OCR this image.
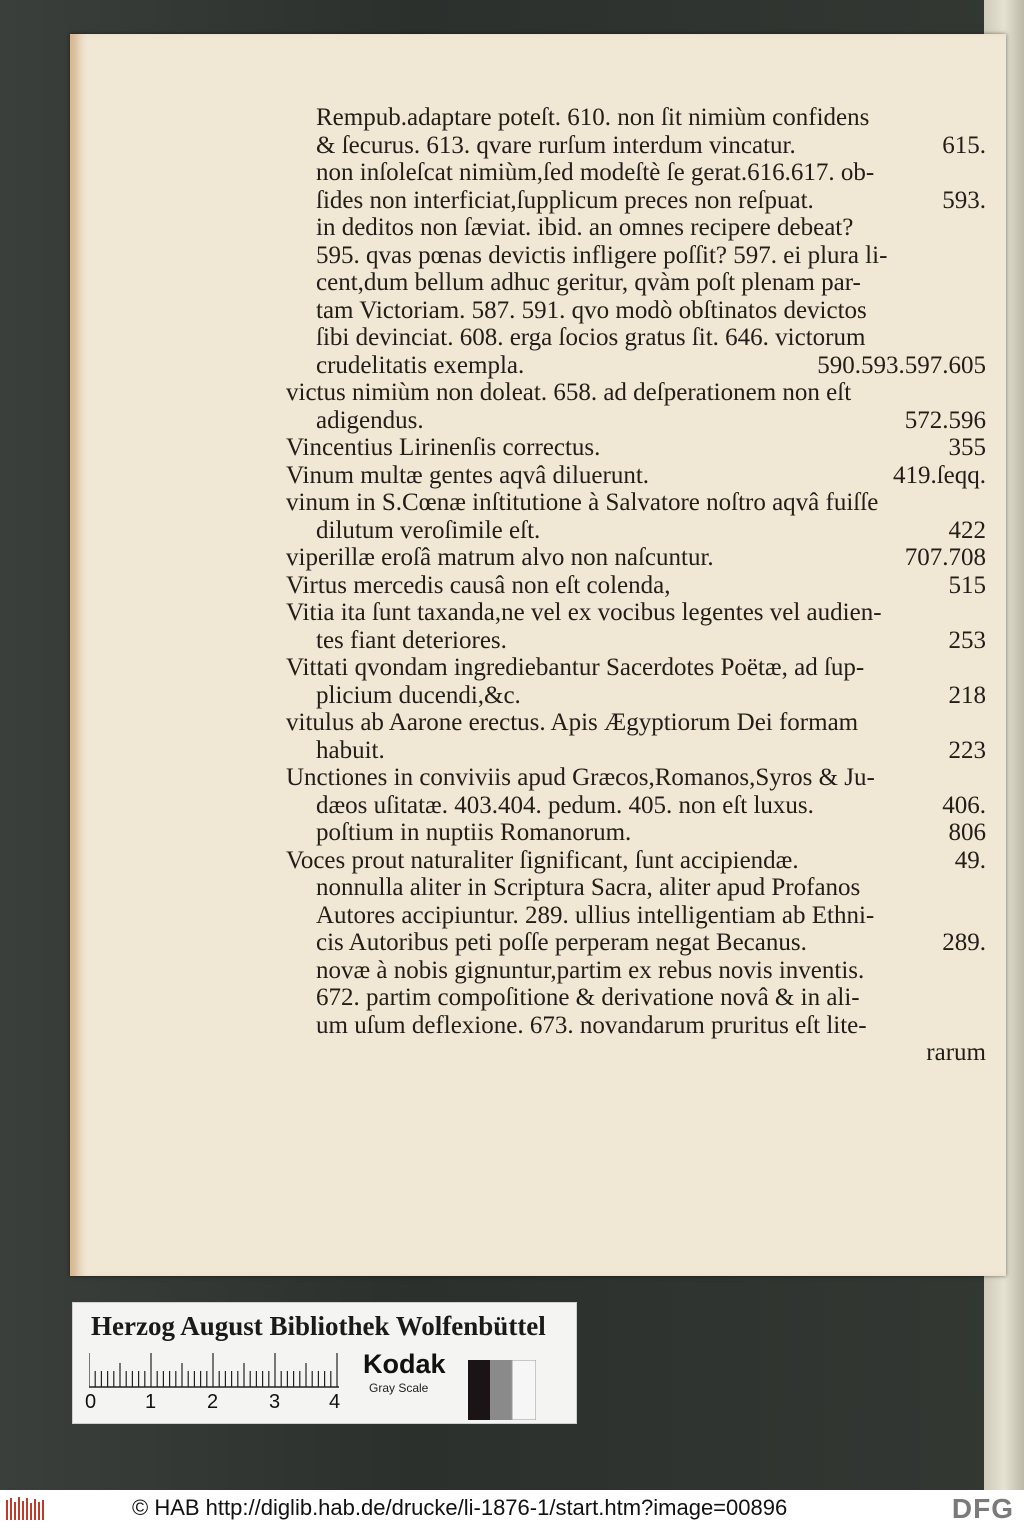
Rempub.adaptare poteſt. 610. non ſit nimiùm confidens
& ſecurus. 613. qvare rurſum interdum vincatur.	615.
non inſoleſcat nimiùm,ſed modeſtè ſe gerat.616.617. ob-
ſides non interficiat,ſupplicum preces non reſpuat.	593.
in deditos non ſæviat. ibid. an omnes recipere debeat?
595. qvas pœnas devictis infligere poſſit? 597. ei plura li-
cent,dum bellum adhuc geritur, qvàm poſt plenam par-
tam Victoriam. 587. 591. qvo modò obſtinatos devictos
ſibi devinciat. 608. erga ſocios gratus ſit. 646. victorum
crudelitatis exempla.	590.593.597.605
victus nimiùm non doleat. 658. ad deſperationem non eſt
adigendus.	572.596
Vincentius Lirinenſis correctus.	355
Vinum multæ gentes aqvâ diluerunt.	419.ſeqq.
vinum in S.Cœnæ inſtitutione à Salvatore noſtro aqvâ fuiſſe
dilutum veroſimile eſt.	422
viperillæ eroſâ matrum alvo non naſcuntur.	707.708
Virtus mercedis causâ non eſt colenda,	515
Vitia ita ſunt taxanda,ne vel ex vocibus legentes vel audien-
tes fiant deteriores.	253
Vittati qvondam ingrediebantur Sacerdotes Poëtæ, ad ſup-
plicium ducendi,&c.	218
vitulus ab Aarone erectus. Apis Ægyptiorum Dei formam
habuit.	223
Unctiones in conviviis apud Græcos,Romanos,Syros & Ju-
dæos uſitatæ. 403.404. pedum. 405. non eſt luxus.	406.
poſtium in nuptiis Romanorum.	806
Voces prout naturaliter ſignificant, ſunt accipiendæ.	49.
nonnulla aliter in Scriptura Sacra, aliter apud Profanos
Autores accipiuntur. 289. ullius intelligentiam ab Ethni-
cis Autoribus peti poſſe perperam negat Becanus.	289.
novæ à nobis gignuntur,partim ex rebus novis inventis.
672. partim compoſitione & derivatione novâ & in ali-
um uſum deflexione. 673. novandarum pruritus eſt lite-
rarum
Herzog August Bibliothek Wolfenbüttel
0 1	2	3 4
Kodak
Gray Scale
© HAB http://diglib.hab.de/drucke/li-1876-1/start.htm?image=00896	DFG
